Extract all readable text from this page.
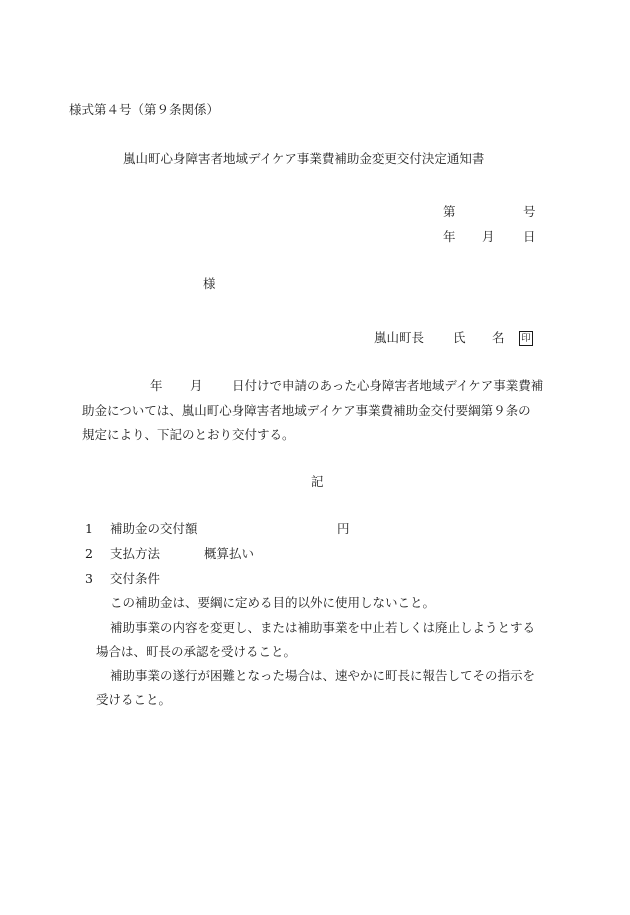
様式第４号（第９条関係）
嵐山町心身障害者地域デイケア事業費補助金変更交付決定通知書
第	号
年 月 日
様
嵐山町長 氏 名 印
年 月 日付けで申請のあった心身障害者地域デイケア事業費補
助金については、嵐山町心身障害者地域デイケア事業費補助金交付要綱第９条の
規定により、下記のとおり交付する。
記
1 補助金の交付額	円
2 支払方法	概算払い
3 交付条件
この補助金は、要綱に定める目的以外に使用しないこと。
補助事業の内容を変更し、または補助事業を中止若しくは廃止しようとする
場合は、町長の承認を受けること。
補助事業の遂行が困難となった場合は、速やかに町長に報告してその指示を
受けること。
